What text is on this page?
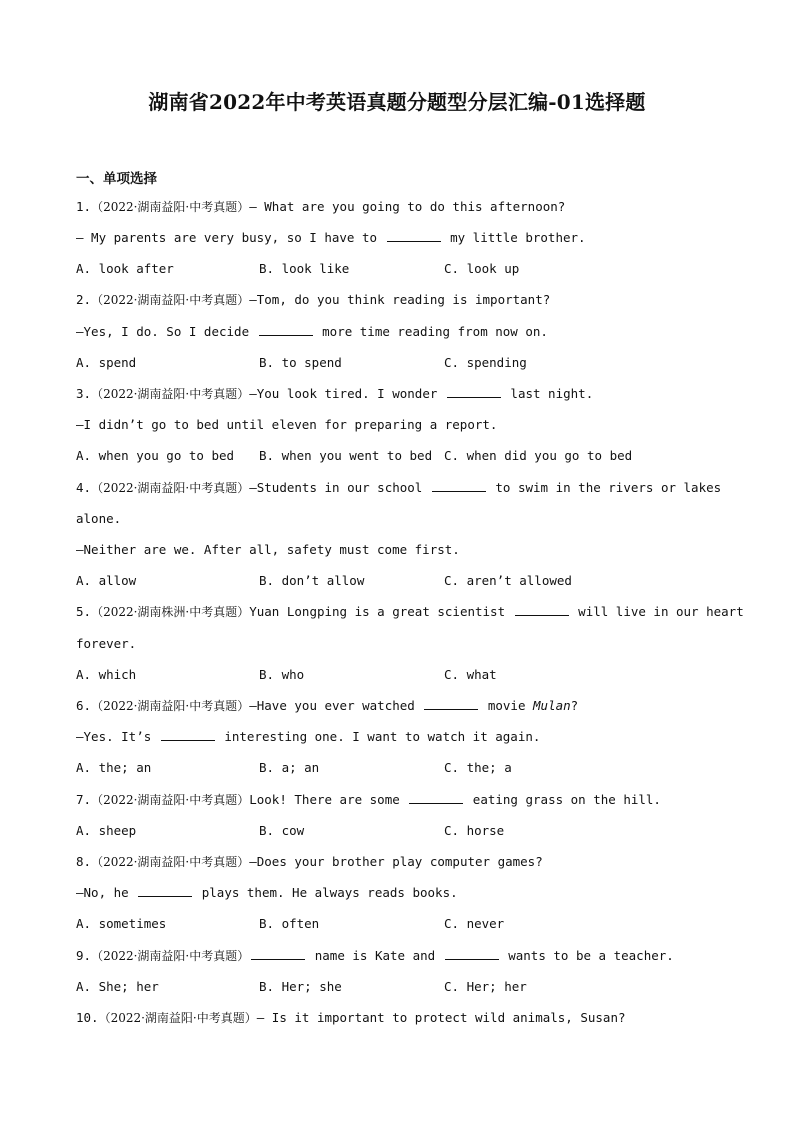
湖南省2022年中考英语真题分题型分层汇编-01选择题
一、单项选择
1.（2022·湖南益阳·中考真题）— What are you going to do this afternoon?
— My parents are very busy, so I have to	my little brother.
A. look after	B. look like	C. look up
2.（2022·湖南益阳·中考真题）—Tom, do you think reading is important?
—Yes, I do. So I decide	more time reading from now on.
A. spend	B. to spend	C. spending
3.（2022·湖南益阳·中考真题）—You look tired. I wonder	last night.
—I didn’t go to bed until eleven for preparing a report.
A. when you go to bed B. when you went to bed C. when did you go to bed
4.（2022·湖南益阳·中考真题）—Students in our school	to swim in the rivers or lakes
alone.
—Neither are we. After all, safety must come first.
A. allow	B. don’t allow	C. aren’t allowed
5.（2022·湖南株洲·中考真题）Yuan Longping is a great scientist	will live in our heart
forever.
A. which	B. who	C. what
6.（2022·湖南益阳·中考真题）—Have you ever watched	movie Mulan?
—Yes. It’s	interesting one. I want to watch it again.
A. the; an	B. a; an	C. the; a
7.（2022·湖南益阳·中考真题）Look! There are some	eating grass on the hill.
A. sheep	B. cow	C. horse
8.（2022·湖南益阳·中考真题）—Does your brother play computer games?
—No, he	plays them. He always reads books.
A. sometimes	B. often	C. never
9.（2022·湖南益阳·中考真题）	name is Kate and	wants to be a teacher.
A. She; her	B. Her; she	C. Her; her
10.（2022·湖南益阳·中考真题）— Is it important to protect wild animals, Susan?
